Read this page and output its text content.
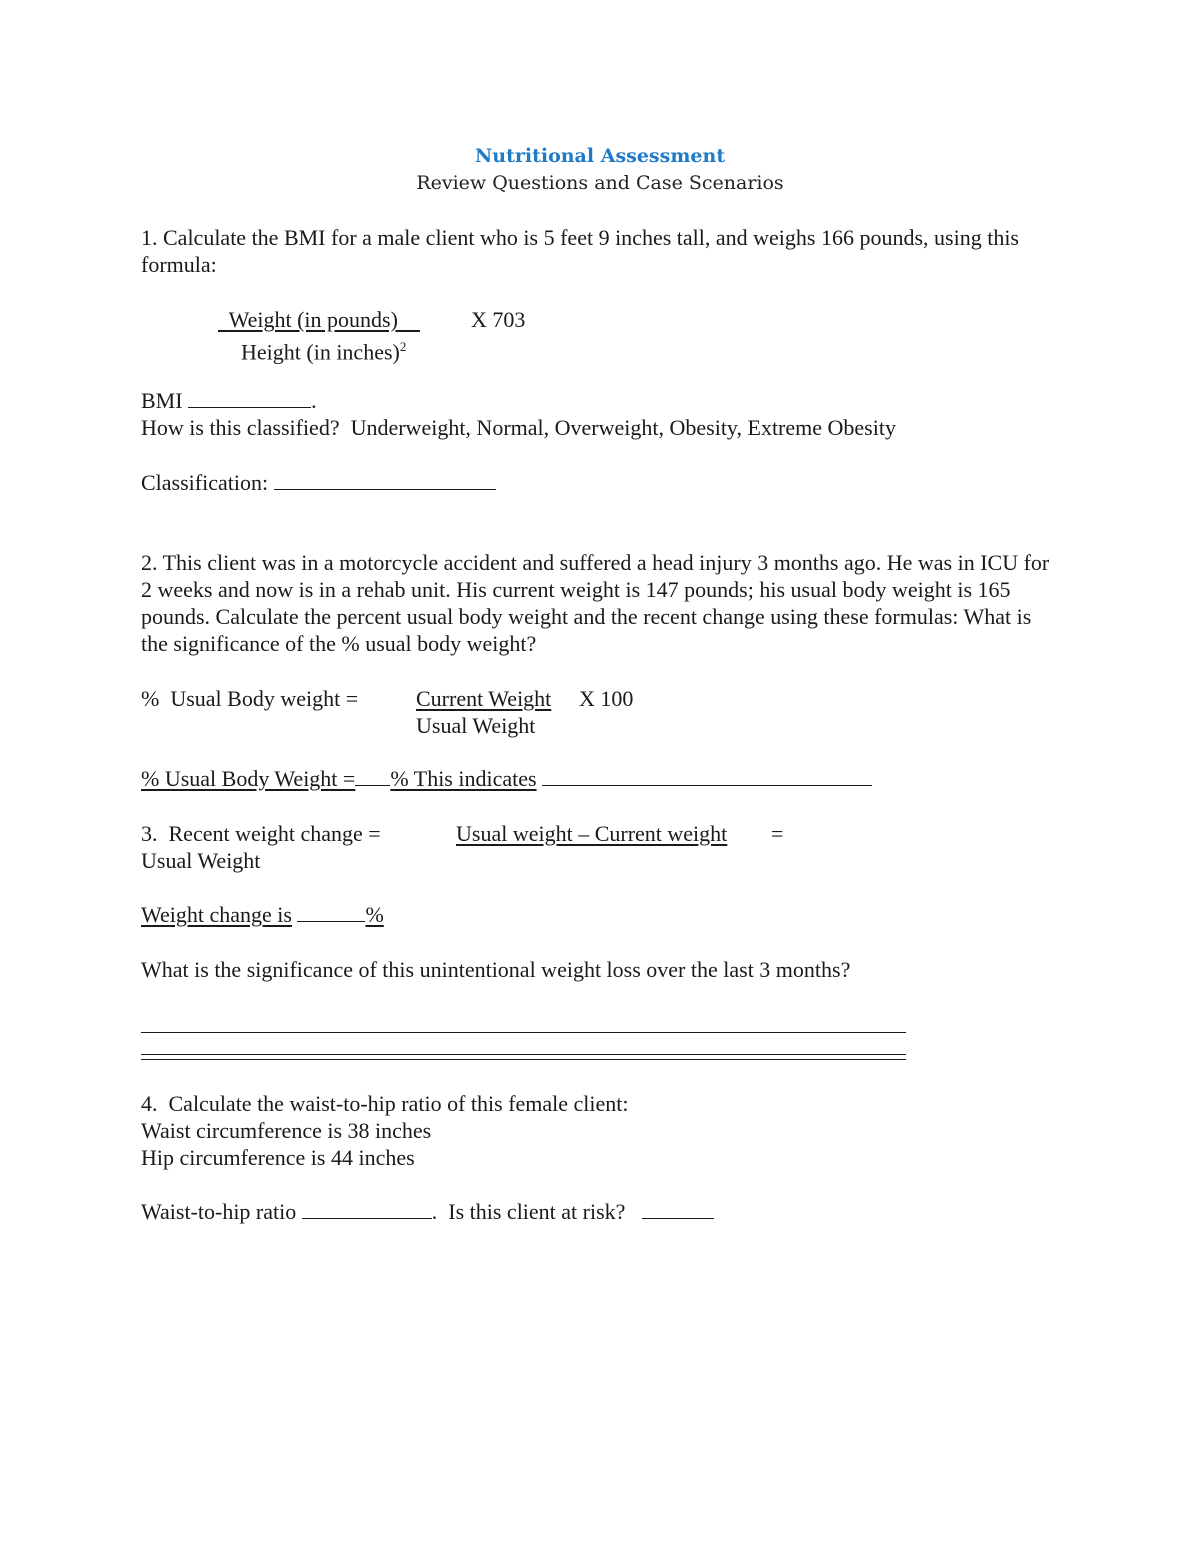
Nutritional Assessment
Review Questions and Case Scenarios
1. Calculate the BMI for a male client who is 5 feet 9 inches tall, and weighs 166 pounds, using this formula:
Weight (in pounds)	X 703
Height (in inches)$^2$
BMI	.
How is this classified?  Underweight, Normal, Overweight, Obesity, Extreme Obesity
Classification:
2. This client was in a motorcycle accident and suffered a head injury 3 months ago. He was in ICU for 2 weeks and now is in a rehab unit. His current weight is 147 pounds; his usual body weight is 165 pounds. Calculate the percent usual body weight and the recent change using these formulas: What is the significance of the % usual body weight?
%  Usual Body weight =	Current Weight X 100
Usual Weight
% Usual Body Weight = % This indicates
3.  Recent weight change =	Usual weight – Current weight =
Usual Weight
Weight change is	%
What is the significance of this unintentional weight loss over the last 3 months?
4.  Calculate the waist-to-hip ratio of this female client:
Waist circumference is 38 inches
Hip circumference is 44 inches
Waist-to-hip ratio	.  Is this client at risk?
